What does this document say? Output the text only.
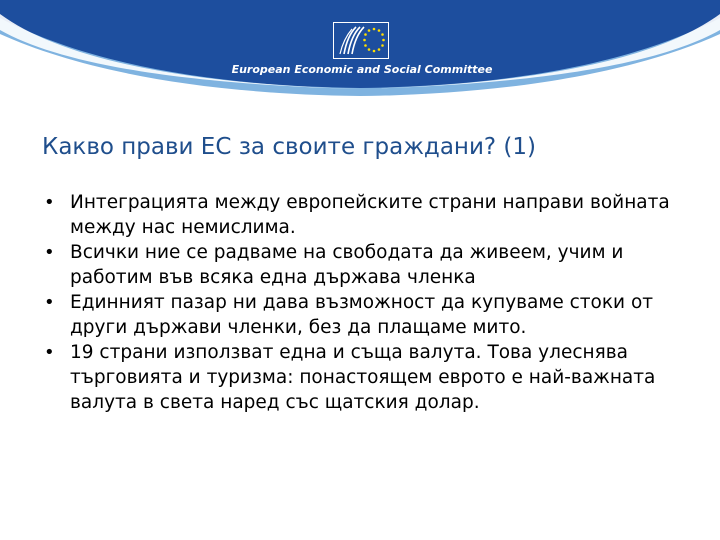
European Economic and Social Committee
Какво прави ЕС за своите граждани? (1)
• Интеграцията между европейските страни направи войната между нас немислима.
• Всички ние се радваме на свободата да живеем, учим и работим във всяка една държава членка
• Единният пазар ни дава възможност да купуваме стоки от други държави членки, без да плащаме мито.
• 19 страни използват една и съща валута. Това улеснява търговията и туризма: понастоящем еврото е най-важната валута в света наред със щатския долар.
